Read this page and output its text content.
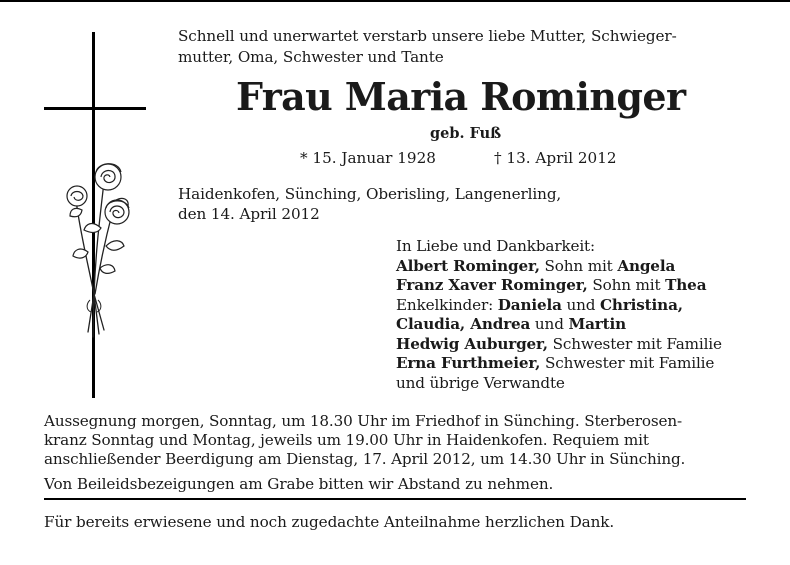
Schnell und unerwartet verstarb unsere liebe Mutter, Schwieger-
mutter, Oma, Schwester und Tante
Frau Maria Rominger
geb. Fuß
* 15. Januar 1928	† 13. April 2012
Haidenkofen, Sünching, Oberisling, Langenerling,
den 14. April 2012
In Liebe und Dankbarkeit:
Albert Rominger, Sohn mit Angela
Franz Xaver Rominger, Sohn mit Thea
Enkelkinder: Daniela und Christina,
Claudia, Andrea und Martin
Hedwig Auburger, Schwester mit Familie
Erna Furthmeier, Schwester mit Familie
und übrige Verwandte
Aussegnung morgen, Sonntag, um 18.30 Uhr im Friedhof in Sünching. Sterberosen-
kranz Sonntag und Montag, jeweils um 19.00 Uhr in Haidenkofen. Requiem mit
anschließender Beerdigung am Dienstag, 17. April 2012, um 14.30 Uhr in Sünching.
Von Beileidsbezeigungen am Grabe bitten wir Abstand zu nehmen.
Für bereits erwiesene und noch zugedachte Anteilnahme herzlichen Dank.
